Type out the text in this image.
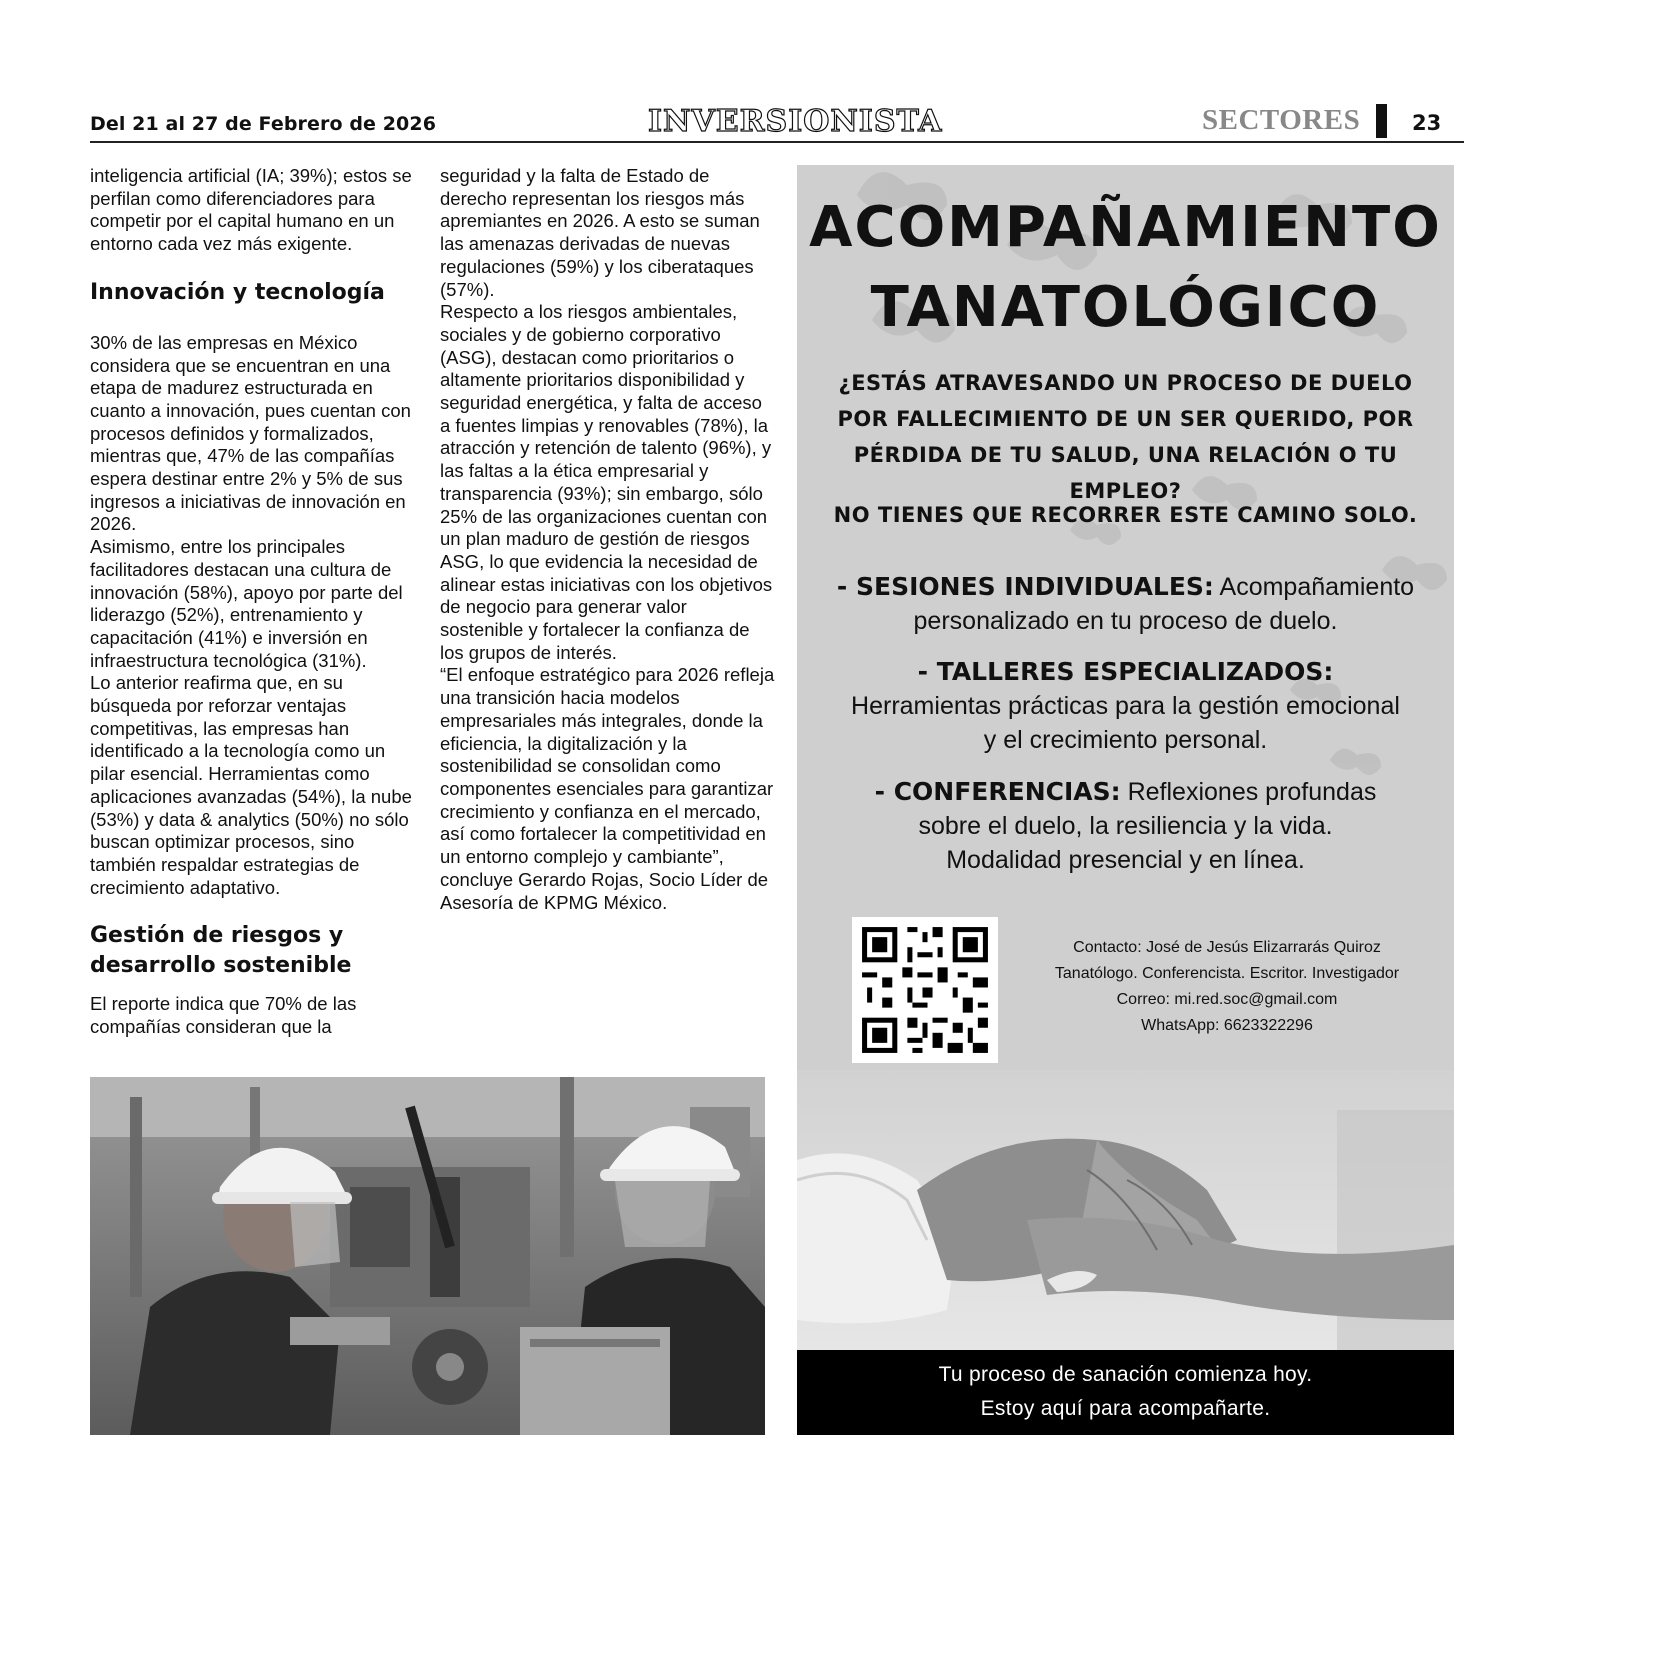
Del 21 al 27 de Febrero de 2026	INVERSIONISTA	SECTORES 23

inteligencia artificial (IA; 39%); estos se perfilan como diferenciadores para competir por el capital humano en un entorno cada vez más exigente.

Innovación y tecnología

30% de las empresas en México considera que se encuentran en una etapa de madurez estructurada en cuanto a innovación, pues cuentan con procesos definidos y formalizados, mientras que, 47% de las compañías espera destinar entre 2% y 5% de sus ingresos a iniciativas de innovación en 2026.

Asimismo, entre los principales facilitadores destacan una cultura de innovación (58%), apoyo por parte del liderazgo (52%), entrenamiento y capacitación (41%) e inversión en infraestructura tecnológica (31%).

Lo anterior reafirma que, en su búsqueda por reforzar ventajas competitivas, las empresas han identificado a la tecnología como un pilar esencial. Herramientas como aplicaciones avanzadas (54%), la nube (53%) y data & analytics (50%) no sólo buscan optimizar procesos, sino también respaldar estrategias de crecimiento adaptativo.

Gestión de riesgos y desarrollo sostenible

El reporte indica que 70% de las compañías consideran que la

seguridad y la falta de Estado de derecho representan los riesgos más apremiantes en 2026. A esto se suman las amenazas derivadas de nuevas regulaciones (59%) y los ciberataques (57%).

Respecto a los riesgos ambientales, sociales y de gobierno corporativo (ASG), destacan como prioritarios o altamente prioritarios disponibilidad y seguridad energética, y falta de acceso a fuentes limpias y renovables (78%), la atracción y retención de talento (96%), y las faltas a la ética empresarial y transparencia (93%); sin embargo, sólo 25% de las organizaciones cuentan con un plan maduro de gestión de riesgos ASG, lo que evidencia la necesidad de alinear estas iniciativas con los objetivos de negocio para generar valor sostenible y fortalecer la confianza de los grupos de interés.

“El enfoque estratégico para 2026 refleja una transición hacia modelos empresariales más integrales, donde la eficiencia, la digitalización y la sostenibilidad se consolidan como componentes esenciales para garantizar crecimiento y confianza en el mercado, así como fortalecer la competitividad en un entorno complejo y cambiante”, concluye Gerardo Rojas, Socio Líder de Asesoría de KPMG México.

ACOMPAÑAMIENTO
TANATOLÓGICO
¿ESTÁS ATRAVESANDO UN PROCESO DE DUELO
POR FALLECIMIENTO DE UN SER QUERIDO, POR
PÉRDIDA DE TU SALUD, UNA RELACIÓN O TU EMPLEO?
NO TIENES QUE RECORRER ESTE CAMINO SOLO.
- SESIONES INDIVIDUALES: Acompañamiento
personalizado en tu proceso de duelo.
- TALLERES ESPECIALIZADOS:
Herramientas prácticas para la gestión emocional
y el crecimiento personal.
- CONFERENCIAS: Reflexiones profundas
sobre el duelo, la resiliencia y la vida.
Modalidad presencial y en línea.
Contacto: José de Jesús Elizarrarás Quiroz
Tanatólogo. Conferencista. Escritor. Investigador
Correo: mi.red.soc@gmail.com
WhatsApp: 6623322296
Tu proceso de sanación comienza hoy.
Estoy aquí para acompañarte.
